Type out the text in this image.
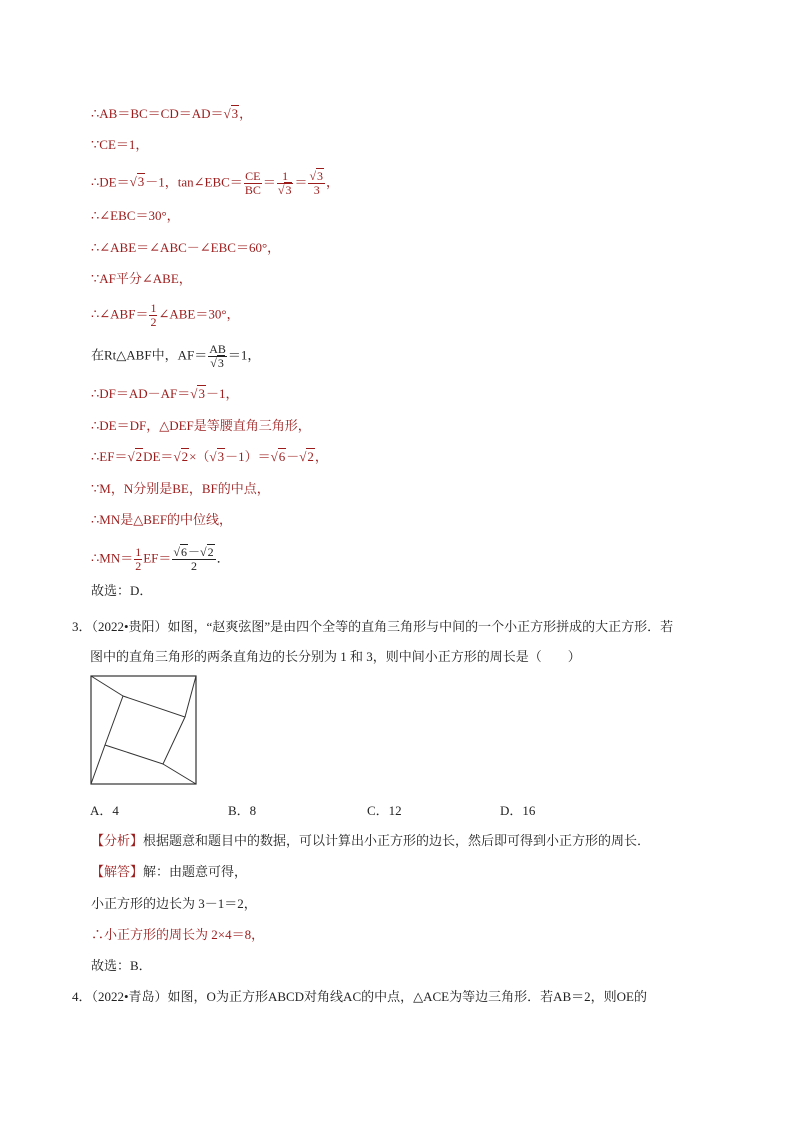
∴AB＝BC＝CD＝AD＝√3，
∵CE＝1，
∴DE＝√3－1，tan∠EBC＝ $\frac{CE}{BC} = \frac{1}{√3} = \frac{√3}{3}$ ，
∴∠EBC＝30°，
∴∠ABE＝∠ABC－∠EBC＝60°，
∵AF平分∠ABE，
∴∠ABF＝ $\frac{1}{2}$ ∠ABE＝30°，
在Rt△ABF中，$AF= \frac{AB}{√3} =1$，
∴DF＝AD－AF＝√3－1，
∴DE＝DF，△DEF是等腰直角三角形，
∴EF＝√2DE＝√2×（√3－1）＝√6－√2，
∵M，N分别是BE，BF的中点，
∴MN是△BEF的中位线，
∴MN＝ $\frac{1}{2} EF= \frac{√6-√2}{2}$ ．
故选：D．
3．（2022•贵阳）如图，“赵爽弦图”是由四个全等的直角三角形与中间的一个小正方形拼成的大正方形．若
图中的直角三角形的两条直角边的长分别为 1 和 3，则中间小正方形的周长是（　　）
A．4	B．8	C．12	D．16
【分析】根据题意和题目中的数据，可以计算出小正方形的边长，然后即可得到小正方形的周长．
【解答】解：由题意可得，
小正方形的边长为 3－1＝2，
∴小正方形的周长为 2×4＝8，
故选：B．
4．（2022•青岛）如图，O为正方形ABCD对角线AC的中点，△ACE为等边三角形．若AB＝2，则OE的
